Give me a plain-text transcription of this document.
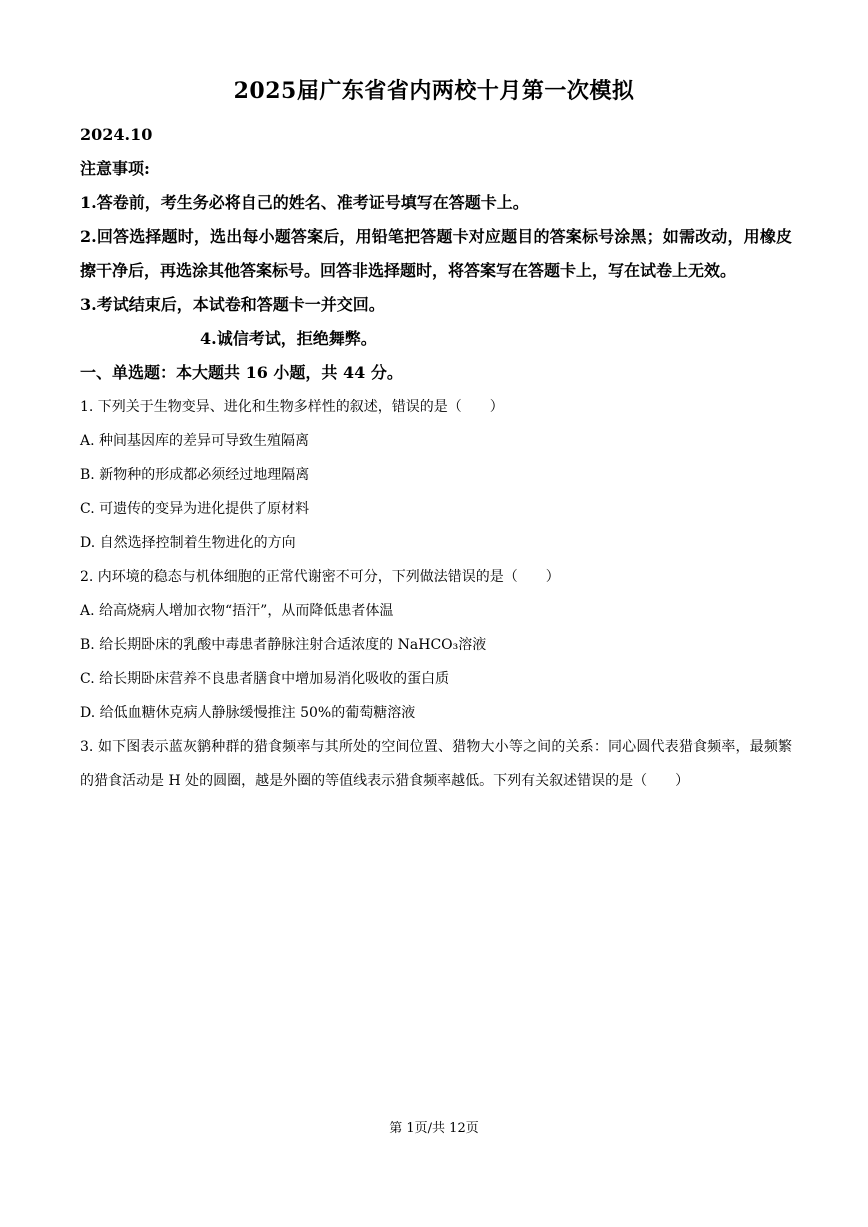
2025届广东省省内两校十月第一次模拟
2024.10
注意事项:
1.答卷前，考生务必将自己的姓名、准考证号填写在答题卡上。
2.回答选择题时，选出每小题答案后，用铅笔把答题卡对应题目的答案标号涂黑；如需改动，用橡皮擦干净后，再选涂其他答案标号。回答非选择题时，将答案写在答题卡上，写在试卷上无效。
3.考试结束后，本试卷和答题卡一并交回。
4.诚信考试，拒绝舞弊。
一、单选题：本大题共 16 小题，共 44 分。
1. 下列关于生物变异、进化和生物多样性的叙述，错误的是（　　）
A. 种间基因库的差异可导致生殖隔离
B. 新物种的形成都必须经过地理隔离
C. 可遗传的变异为进化提供了原材料
D. 自然选择控制着生物进化的方向
2. 内环境的稳态与机体细胞的正常代谢密不可分，下列做法错误的是（　　）
A. 给高烧病人增加衣物“捂汗”，从而降低患者体温
B. 给长期卧床的乳酸中毒患者静脉注射合适浓度的 NaHCO₃溶液
C. 给长期卧床营养不良患者膳食中增加易消化吸收的蛋白质
D. 给低血糖休克病人静脉缓慢推注 50%的葡萄糖溶液
3. 如下图表示蓝灰鹟种群的猎食频率与其所处的空间位置、猎物大小等之间的关系：同心圆代表猎食频率，最频繁的猎食活动是 H 处的圆圈，越是外圈的等值线表示猎食频率越低。下列有关叙述错误的是（　　）
第 1页/共 12页
